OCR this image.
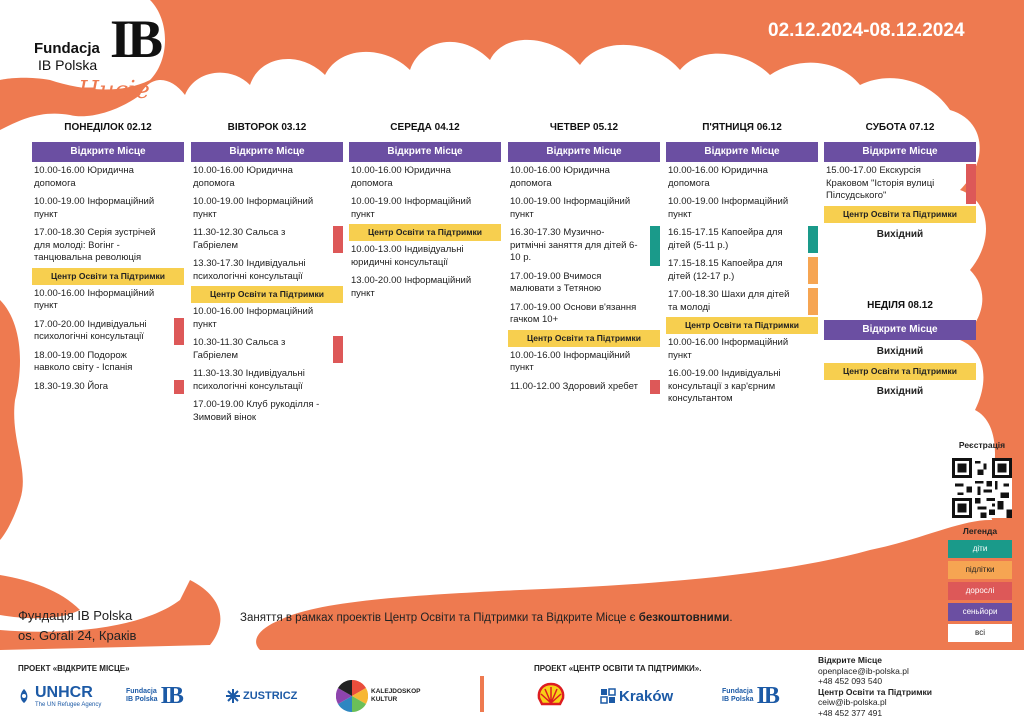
Fundacja
IB Polska IB
w Hucie
02.12.2024-08.12.2024
ПОНЕДІЛОК 02.12
Відкрите Місце
10.00-16.00 Юридична допомога
10.00-19.00 Інформаційний пункт
17.00-18.30 Серія зустрічей для молоді: Вогінг - танцювальна революція
Центр Освіти та Підтримки
10.00-16.00 Інформаційний пункт
17.00-20.00 Індивідуальні психологічні консультації
18.00-19.00 Подорож навколо світу - Іспанія
18.30-19.30 Йога
ВІВТОРОК 03.12
Відкрите Місце
10.00-16.00 Юридична допомога
10.00-19.00 Інформаційний пункт
11.30-12.30 Сальса з Габріелем
13.30-17.30 Індивідуальні психологічні консультації
Центр Освіти та Підтримки
10.00-16.00 Інформаційний пункт
10.30-11.30 Сальса з Габріелем
11.30-13.30 Індивідуальні психологічні консультації
17.00-19.00 Клуб рукоділля - Зимовий вінок
СЕРЕДА 04.12
Відкрите Місце
10.00-16.00 Юридична допомога
10.00-19.00 Інформаційний пункт
Центр Освіти та Підтримки
10.00-13.00 Індивідуальні юридичні консультації
13.00-20.00 Інформаційний пункт
ЧЕТВЕР 05.12
Відкрите Місце
10.00-16.00 Юридична допомога
10.00-19.00 Інформаційний пункт
16.30-17.30 Музично-ритмічні заняття для дітей 6-10 р.
17.00-19.00 Вчимося малювати з Тетяною
17.00-19.00 Основи в'язання гачком 10+
Центр Освіти та Підтримки
10.00-16.00 Інформаційний пункт
11.00-12.00 Здоровий хребет
П'ЯТНИЦЯ 06.12
Відкрите Місце
10.00-16.00 Юридична допомога
10.00-19.00 Інформаційний пункт
16.15-17.15 Капоейра для дітей (5-11 р.)
17.15-18.15 Капоейра для дітей (12-17 р.)
17.00-18.30 Шахи для дітей та молоді
Центр Освіти та Підтримки
10.00-16.00 Інформаційний пункт
16.00-19.00 Індивідуальні консультації з кар'єрним консультантом
СУБОТА 07.12
Відкрите Місце
15.00-17.00 Екскурсія Краковом "Історія вулиці Пілсудського"
Центр Освіти та Підтримки
Вихідний
НЕДІЛЯ 08.12
Відкрите Місце
Вихідний
Центр Освіти та Підтримки
Вихідний
Реєстрація
Легенда
діти
підлітки
дорослі
сеньйори
всі
Фундація IB Polska
os. Górali 24, Краків
Заняття в рамках проектів Центр Освіти та Підтримки та Відкрите Місце є безкоштовними.
ПРОЕКТ «ВІДКРИТЕ МІСЦЕ»	ПРОЕКТ «ЦЕНТР ОСВІТИ ТА ПІДТРИМКИ».
Відкрите Місце
openplace@ib-polska.pl
+48 452 093 540
Центр Освіти та Підтримки
ceiw@ib-polska.pl
+48 452 377 491
UNHCR
The UN Refugee Agency
Fundacja
IB Polska IB	ZUSTRICZ	KALEJDOSKOP
KULTUR	Kraków	Fundacja
IB Polska IB
